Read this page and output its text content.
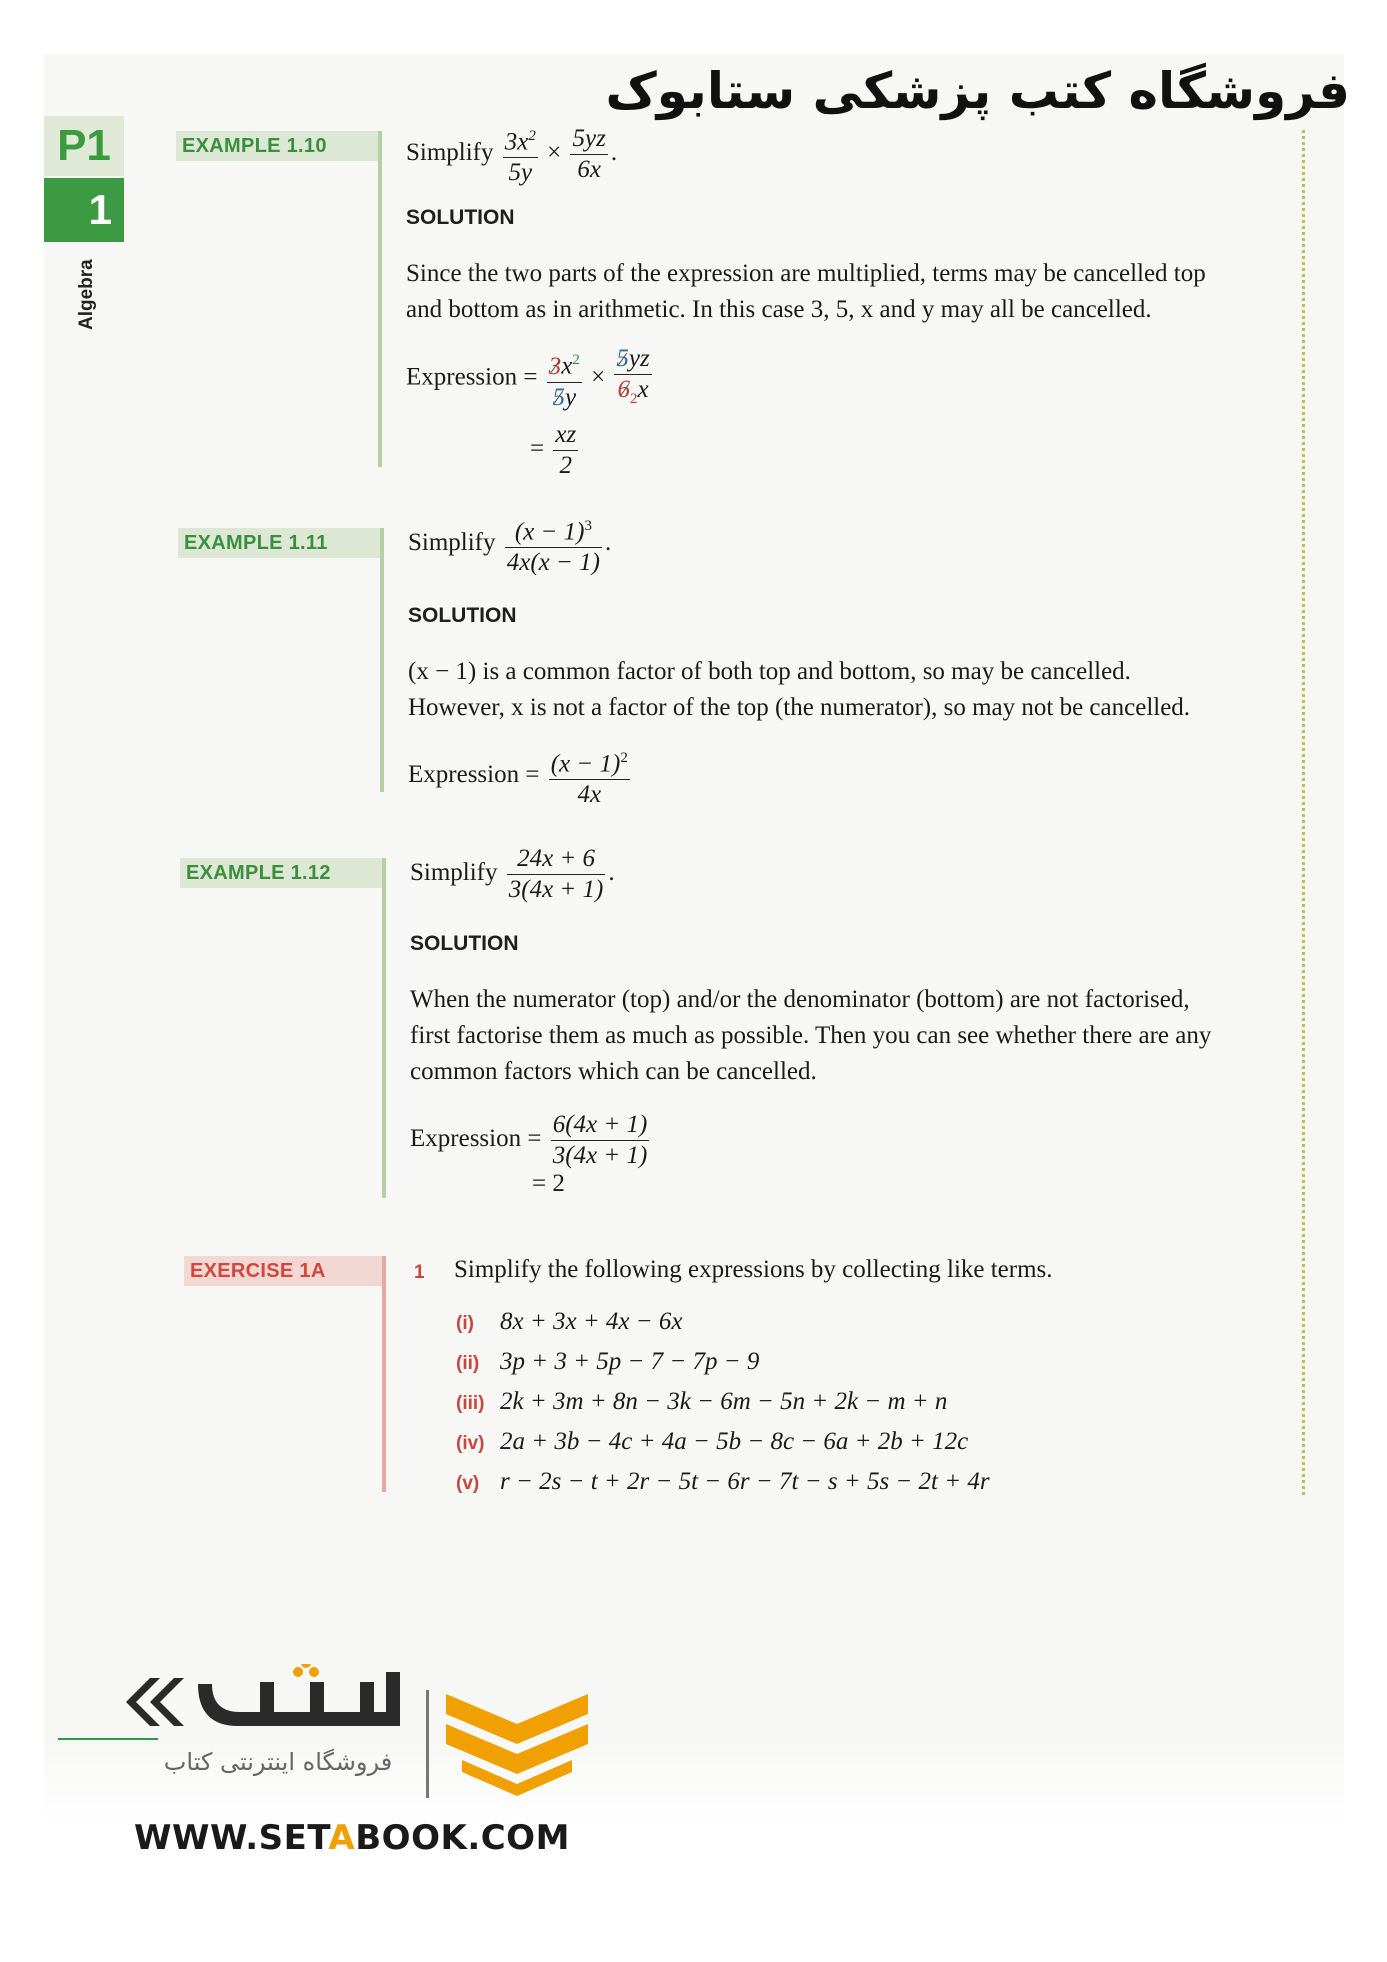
فروشگاه کتب پزشکی ستابوک
P1
1
Algebra
EXAMPLE 1.10	Simplify $\frac{3x^2}{5y} \times \frac{5yz}{6x}$ .
SOLUTION
Since the two parts of the expression are multiplied, terms may be cancelled top
and bottom as in arithmetic. In this case 3, 5, x and y may all be cancelled.
Expression = $\frac{3x^2}{5y} \times \frac{5yz}{6_2x}$
= $\frac{xz}{2}$
EXAMPLE 1.11	Simplify $\frac{(x - 1)^3}{4x(x - 1)}$ .
SOLUTION
(x − 1) is a common factor of both top and bottom, so may be cancelled.
However, x is not a factor of the top (the numerator), so may not be cancelled.
Expression = $\frac{(x - 1)^2}{4x}$
EXAMPLE 1.12	Simplify $\frac{24x + 6}{3(4x + 1)}$ .
SOLUTION
When the numerator (top) and/or the denominator (bottom) are not factorised,
first factorise them as much as possible. Then you can see whether there are any
common factors which can be cancelled.
Expression = $\frac{6(4x + 1)}{3(4x + 1)}$
= 2
EXERCISE 1A	1 Simplify the following expressions by collecting like terms.
(i) 8x + 3x + 4x − 6x
(ii) 3p + 3 + 5p − 7 − 7p − 9
(iii) 2k + 3m + 8n − 3k − 6m − 5n + 2k − m + n
(iv) 2a + 3b − 4c + 4a − 5b − 8c − 6a + 2b + 12c
(v) r − 2s − t + 2r − 5t − 6r − 7t − s + 5s − 2t + 4r
فروشگاه اینترنتی کتاب
WWW.SETABOOK.COM
